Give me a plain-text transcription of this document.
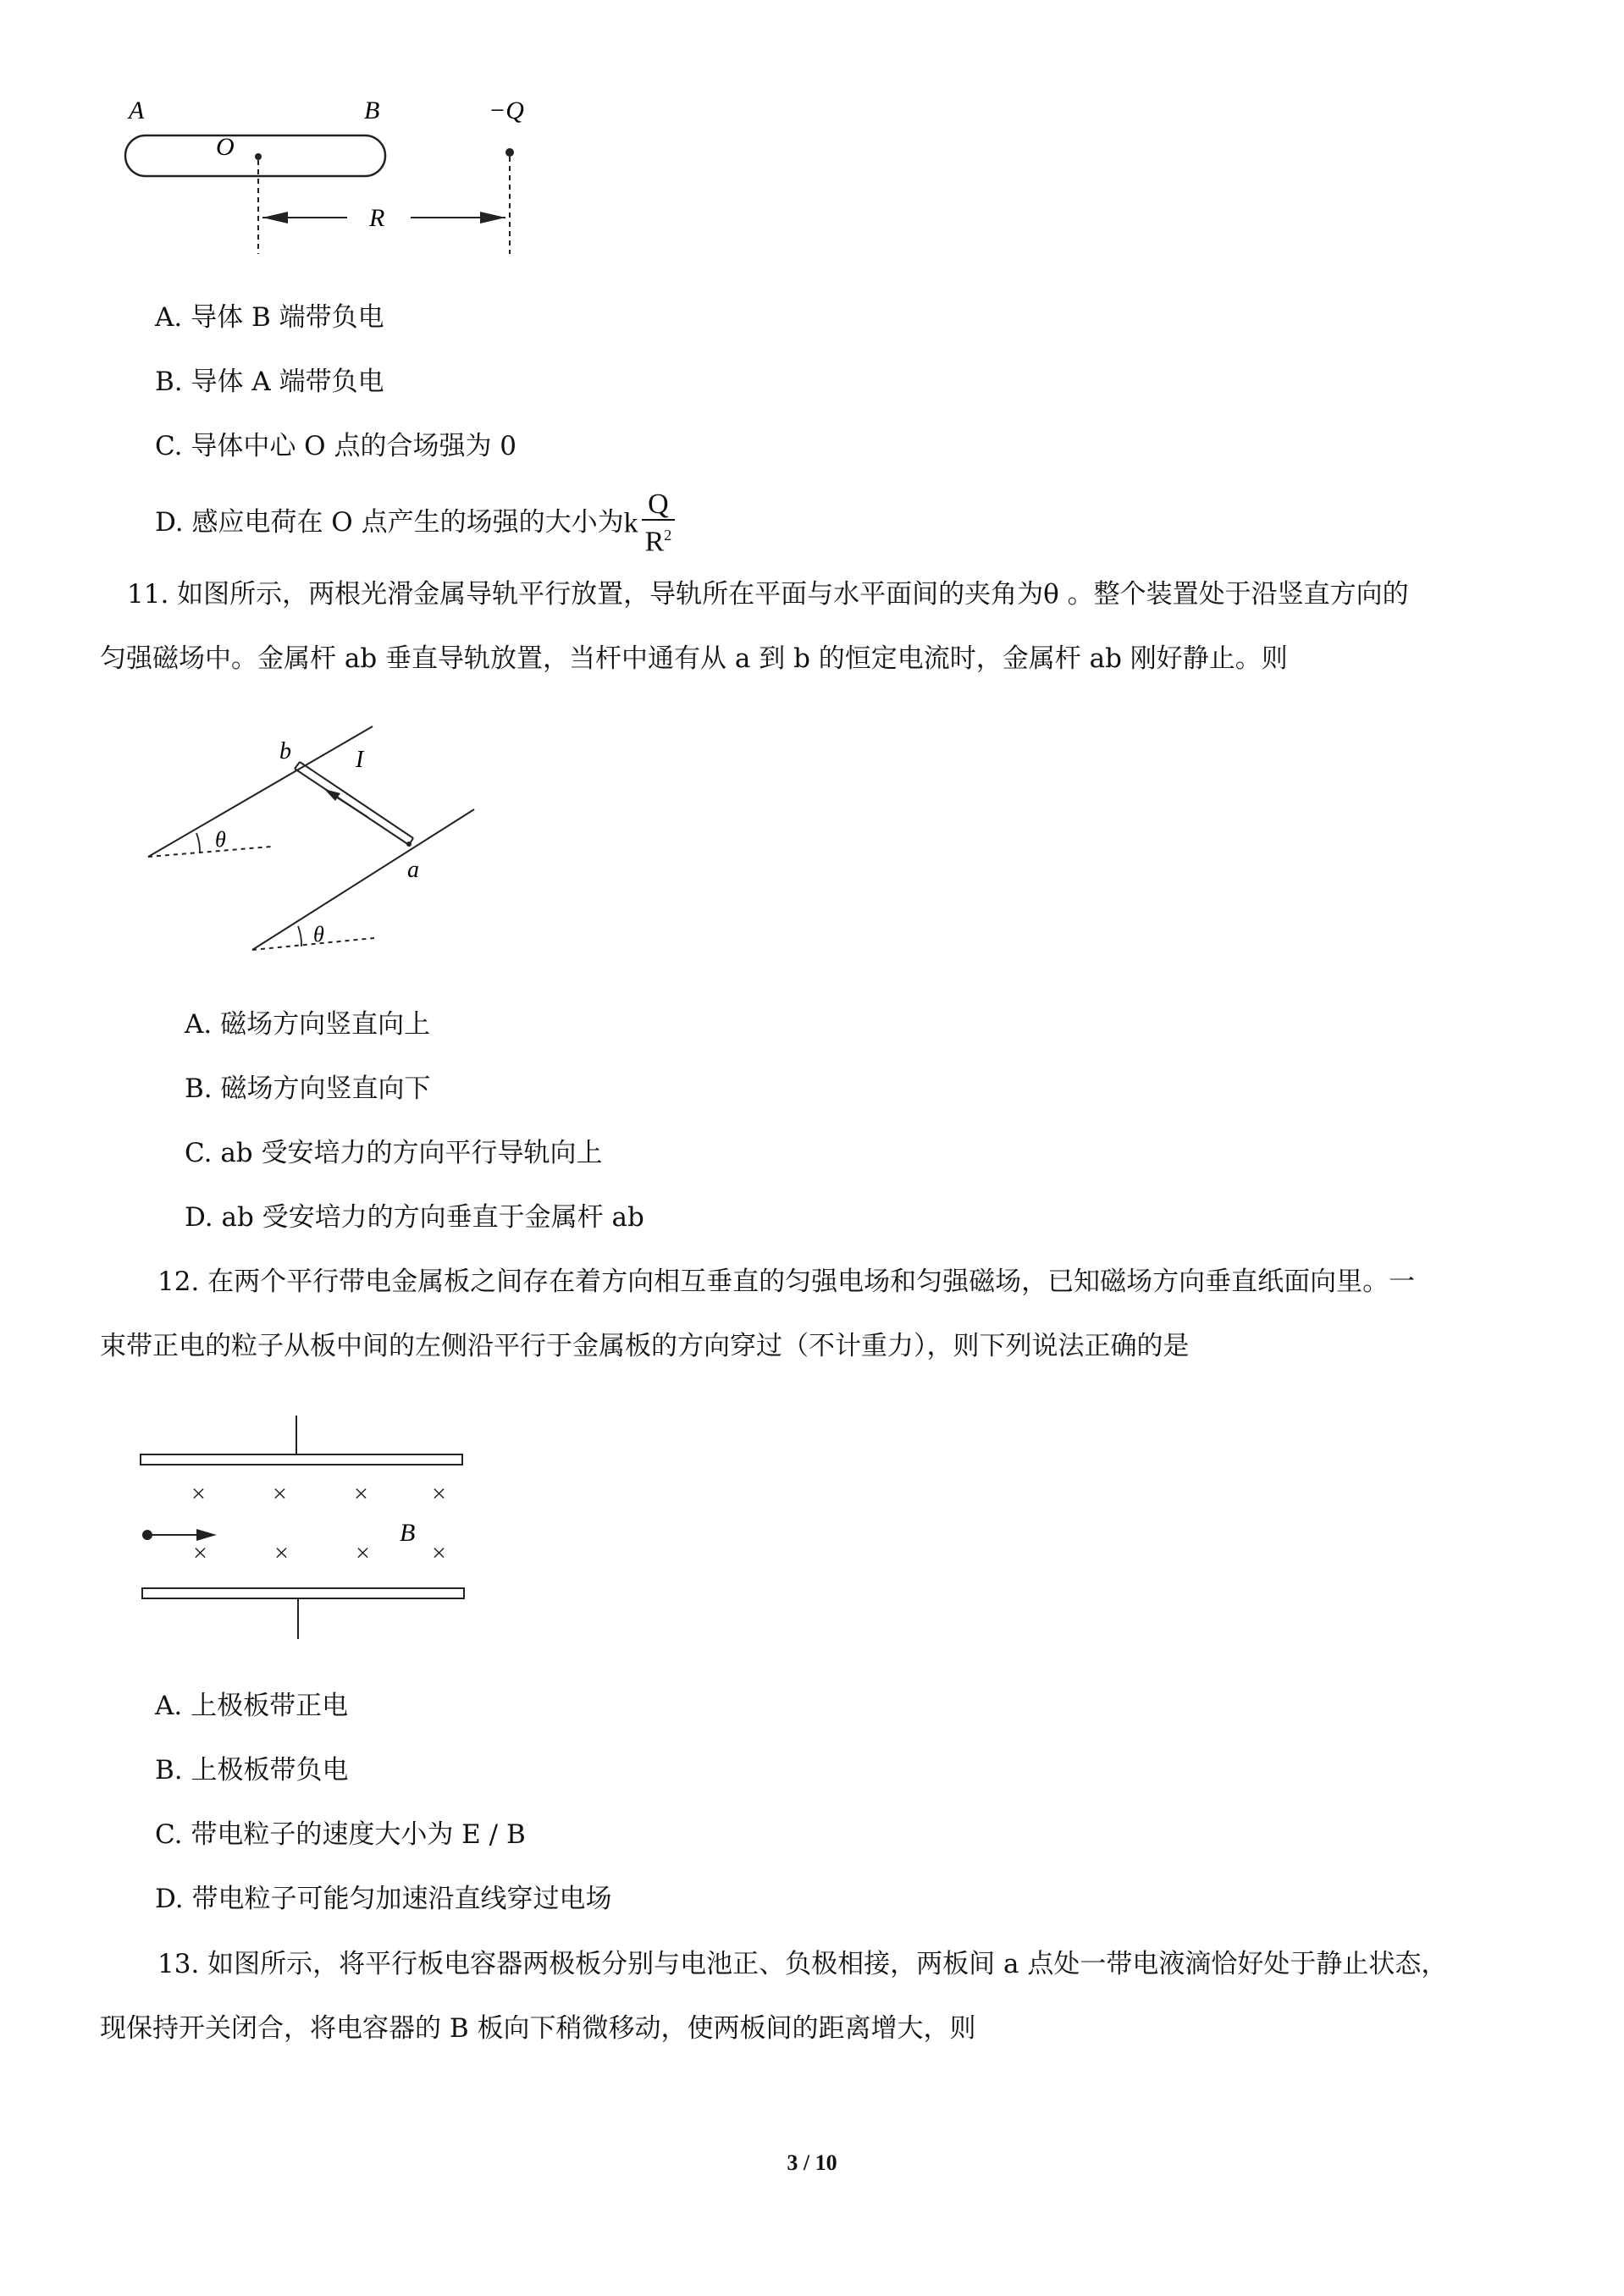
A	B
O
−Q
R
A. 导体 B 端带负电
B. 导体 A 端带负电
C. 导体中心 O 点的合场强为 0
D. 感应电荷在 O 点产生的场强的大小为k $\frac{Q}{R^2}$
11. 如图所示，两根光滑金属导轨平行放置，导轨所在平面与水平面间的夹角为θ 。整个装置处于沿竖直方向的
匀强磁场中。金属杆 ab 垂直导轨放置，当杆中通有从 a 到 b 的恒定电流时，金属杆 ab 刚好静止。则
b	I
a
θ
θ
A. 磁场方向竖直向上
B. 磁场方向竖直向下
C. ab 受安培力的方向平行导轨向上
D. ab 受安培力的方向垂直于金属杆 ab
12. 在两个平行带电金属板之间存在着方向相互垂直的匀强电场和匀强磁场，已知磁场方向垂直纸面向里。一
束带正电的粒子从板中间的左侧沿平行于金属板的方向穿过（不计重力），则下列说法正确的是
×	×	×	×
×	×	× ×
B
A. 上极板带正电
B. 上极板带负电
C. 带电粒子的速度大小为 E / B
D. 带电粒子可能匀加速沿直线穿过电场
13. 如图所示，将平行板电容器两极板分别与电池正、负极相接，两板间 a 点处一带电液滴恰好处于静止状态，
现保持开关闭合，将电容器的 B 板向下稍微移动，使两板间的距离增大，则
3 / 10
